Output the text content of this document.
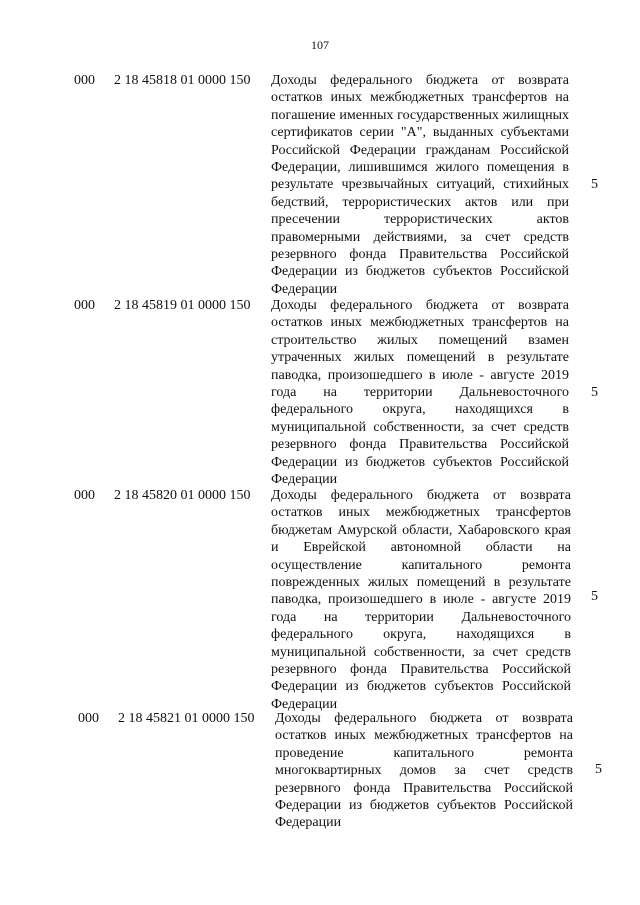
107
000 2 18 45818 01 0000 150 Доходы федерального бюджета от возврата остатков иных межбюджетных трансфертов на погашение именных государственных жилищных сертификатов серии "А", выданных субъектами Российской Федерации гражданам Российской Федерации, лишившимся жилого помещения в результате чрезвычайных ситуаций, стихийных бедствий, террористических актов или при пресечении террористических актов правомерными действиями, за счет средств резервного фонда Правительства Российской Федерации из бюджетов субъектов Российской Федерации
5
000 2 18 45819 01 0000 150 Доходы федерального бюджета от возврата остатков иных межбюджетных трансфертов на строительство жилых помещений взамен утраченных жилых помещений в результате паводка, произошедшего в июле - августе 2019 года на территории Дальневосточного федерального округа, находящихся в муниципальной собственности, за счет средств резервного фонда Правительства Российской Федерации из бюджетов субъектов Российской Федерации
5
000 2 18 45820 01 0000 150 Доходы федерального бюджета от возврата остатков иных межбюджетных трансфертов бюджетам Амурской области, Хабаровского края и Еврейской автономной области на осуществление капитального ремонта поврежденных жилых помещений в результате паводка, произошедшего в июле - августе 2019 года на территории Дальневосточного федерального округа, находящихся в муниципальной собственности, за счет средств резервного фонда Правительства Российской Федерации из бюджетов субъектов Российской Федерации
5
000 2 18 45821 01 0000 150 Доходы федерального бюджета от возврата остатков иных межбюджетных трансфертов на проведение капитального ремонта многоквартирных домов за счет средств резервного фонда Правительства Российской Федерации из бюджетов субъектов Российской Федерации
5
